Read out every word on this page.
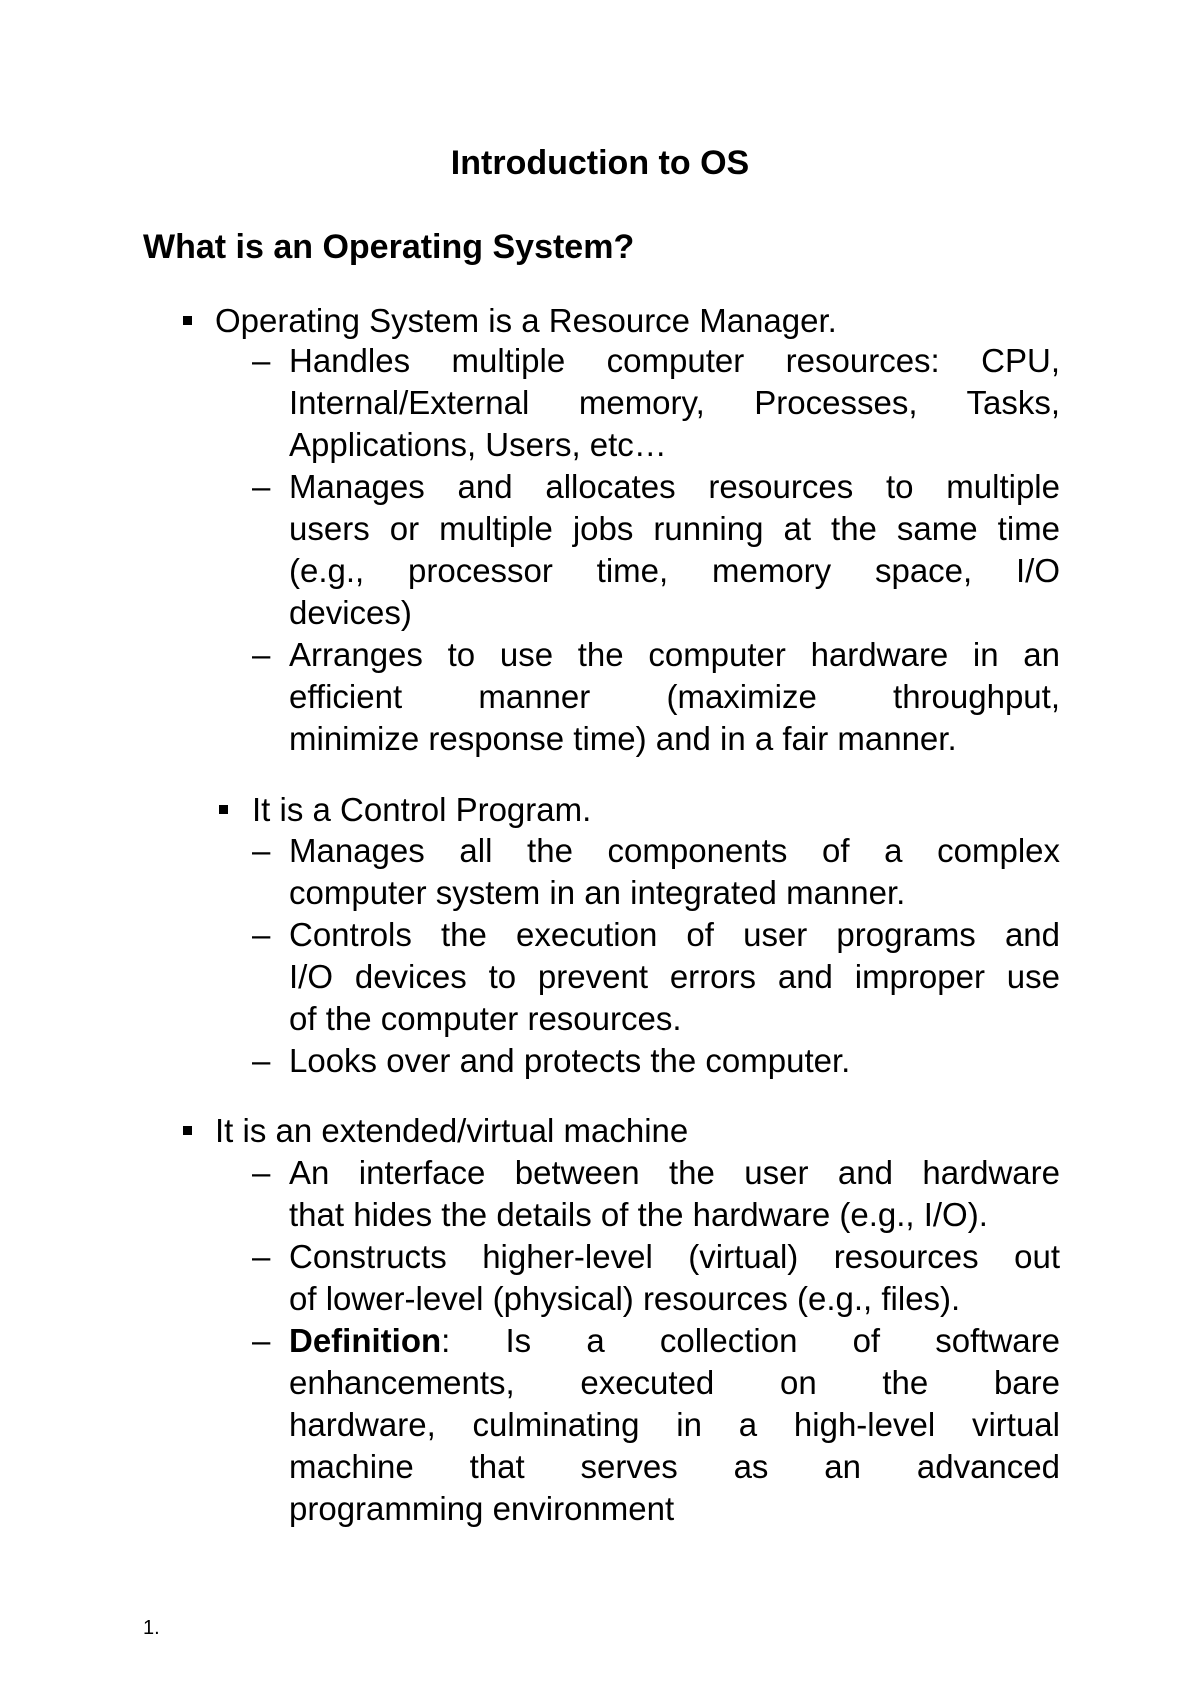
Introduction to OS
What is an Operating System?
Operating System is a Resource Manager.
– Handles multiple computer resources: CPU,
Internal/External memory, Processes, Tasks,
Applications, Users, etc…

– Manages and allocates resources to multiple
users or multiple jobs running at the same time
(e.g., processor time, memory space, I/O
devices)

– Arranges to use the computer hardware in an
efficient manner (maximize throughput,
minimize response time) and in a fair manner.

It is a Control Program.
– Manages all the components of a complex
computer system in an integrated manner.

– Controls the execution of user programs and
I/O devices to prevent errors and improper use
of the computer resources.

– Looks over and protects the computer.

It is an extended/virtual machine
– An interface between the user and hardware
that hides the details of the hardware (e.g., I/O).

– Constructs higher-level (virtual) resources out
of lower-level (physical) resources (e.g., files).

– Definition: Is a collection of software
enhancements, executed on the bare
hardware, culminating in a high-level virtual
machine that serves as an advanced
programming environment

1.
